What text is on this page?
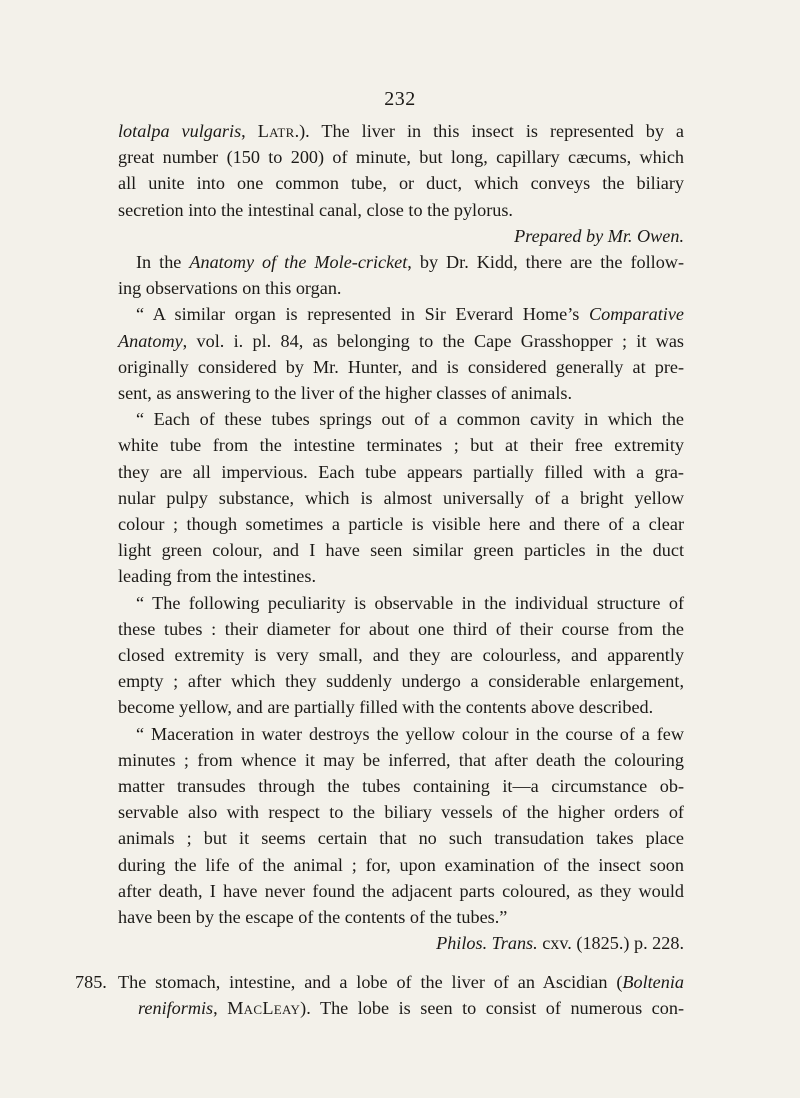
232
lotalpa vulgaris, Latr.). The liver in this insect is represented by a
great number (150 to 200) of minute, but long, capillary cæcums, which
all unite into one common tube, or duct, which conveys the biliary
secretion into the intestinal canal, close to the pylorus.
Prepared by Mr. Owen.
In the Anatomy of the Mole-cricket, by Dr. Kidd, there are the follow-
ing observations on this organ.
“ A similar organ is represented in Sir Everard Home’s Comparative
Anatomy, vol. i. pl. 84, as belonging to the Cape Grasshopper ; it was
originally considered by Mr. Hunter, and is considered generally at pre-
sent, as answering to the liver of the higher classes of animals.
“ Each of these tubes springs out of a common cavity in which the
white tube from the intestine terminates ; but at their free extremity
they are all impervious. Each tube appears partially filled with a gra-
nular pulpy substance, which is almost universally of a bright yellow
colour ; though sometimes a particle is visible here and there of a clear
light green colour, and I have seen similar green particles in the duct
leading from the intestines.
“ The following peculiarity is observable in the individual structure of
these tubes : their diameter for about one third of their course from the
closed extremity is very small, and they are colourless, and apparently
empty ; after which they suddenly undergo a considerable enlargement,
become yellow, and are partially filled with the contents above described.
“ Maceration in water destroys the yellow colour in the course of a few
minutes ; from whence it may be inferred, that after death the colouring
matter transudes through the tubes containing it—a circumstance ob-
servable also with respect to the biliary vessels of the higher orders of
animals ; but it seems certain that no such transudation takes place
during the life of the animal ; for, upon examination of the insect soon
after death, I have never found the adjacent parts coloured, as they would
have been by the escape of the contents of the tubes.”
Philos. Trans. cxv. (1825.) p. 228.
785. The stomach, intestine, and a lobe of the liver of an Ascidian (Boltenia
reniformis, MacLeay). The lobe is seen to consist of numerous con-
